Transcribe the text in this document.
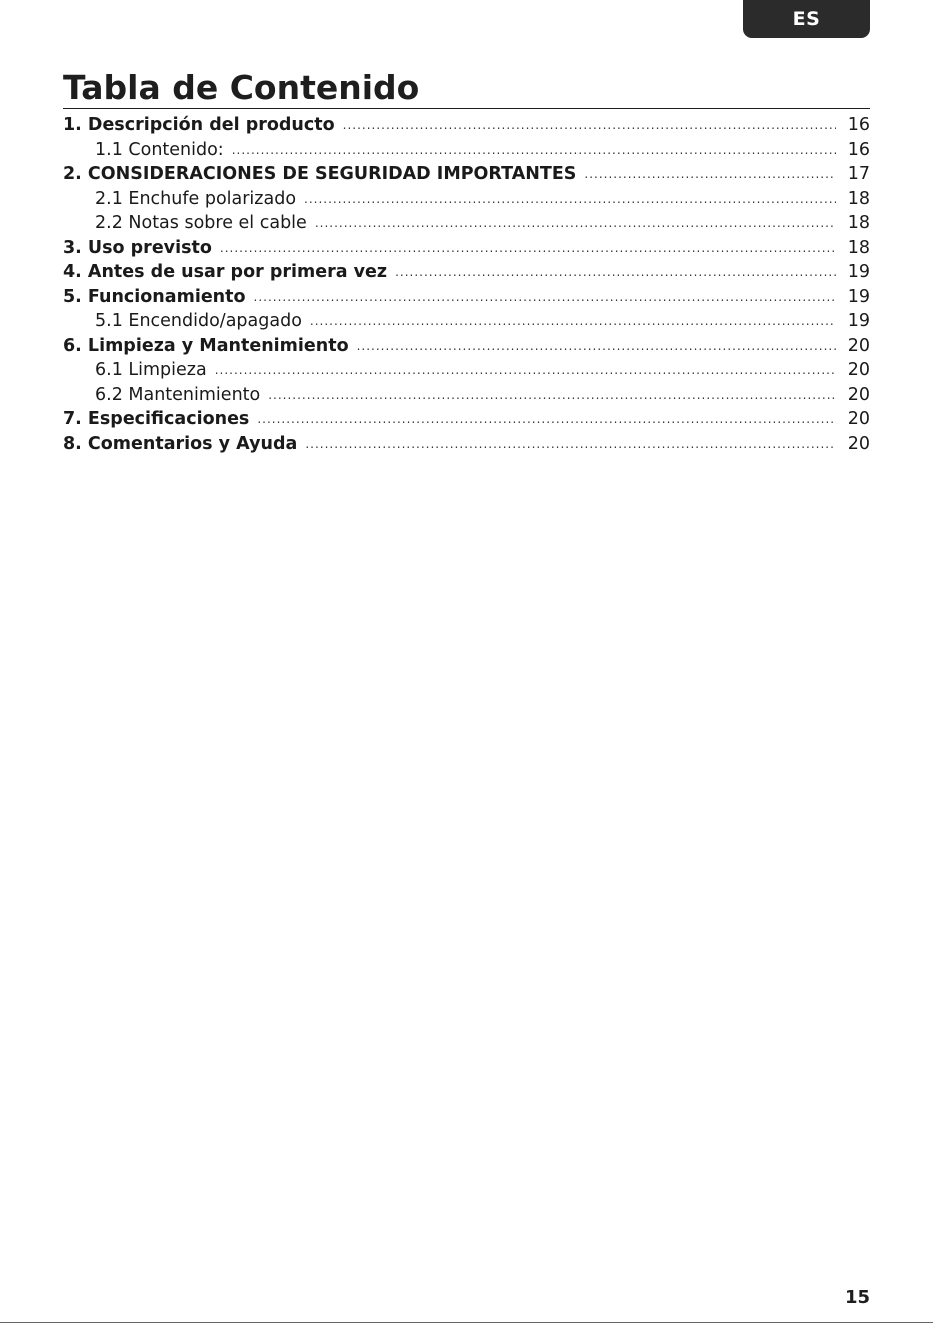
ES
Tabla de Contenido
1. Descripción del producto .....	16
1.1 Contenido: .....	16
2. CONSIDERACIONES DE SEGURIDAD IMPORTANTES .....	17
2.1 Enchufe polarizado .....	18
2.2 Notas sobre el cable .....	18
3. Uso previsto .....	18
4. Antes de usar por primera vez .....	19
5. Funcionamiento .....	19
5.1 Encendido/apagado .....	19
6. Limpieza y Mantenimiento .....	20
6.1 Limpieza .....	20
6.2 Mantenimiento .....	20
7. Especificaciones .....	20
8. Comentarios y Ayuda .....	20
15
